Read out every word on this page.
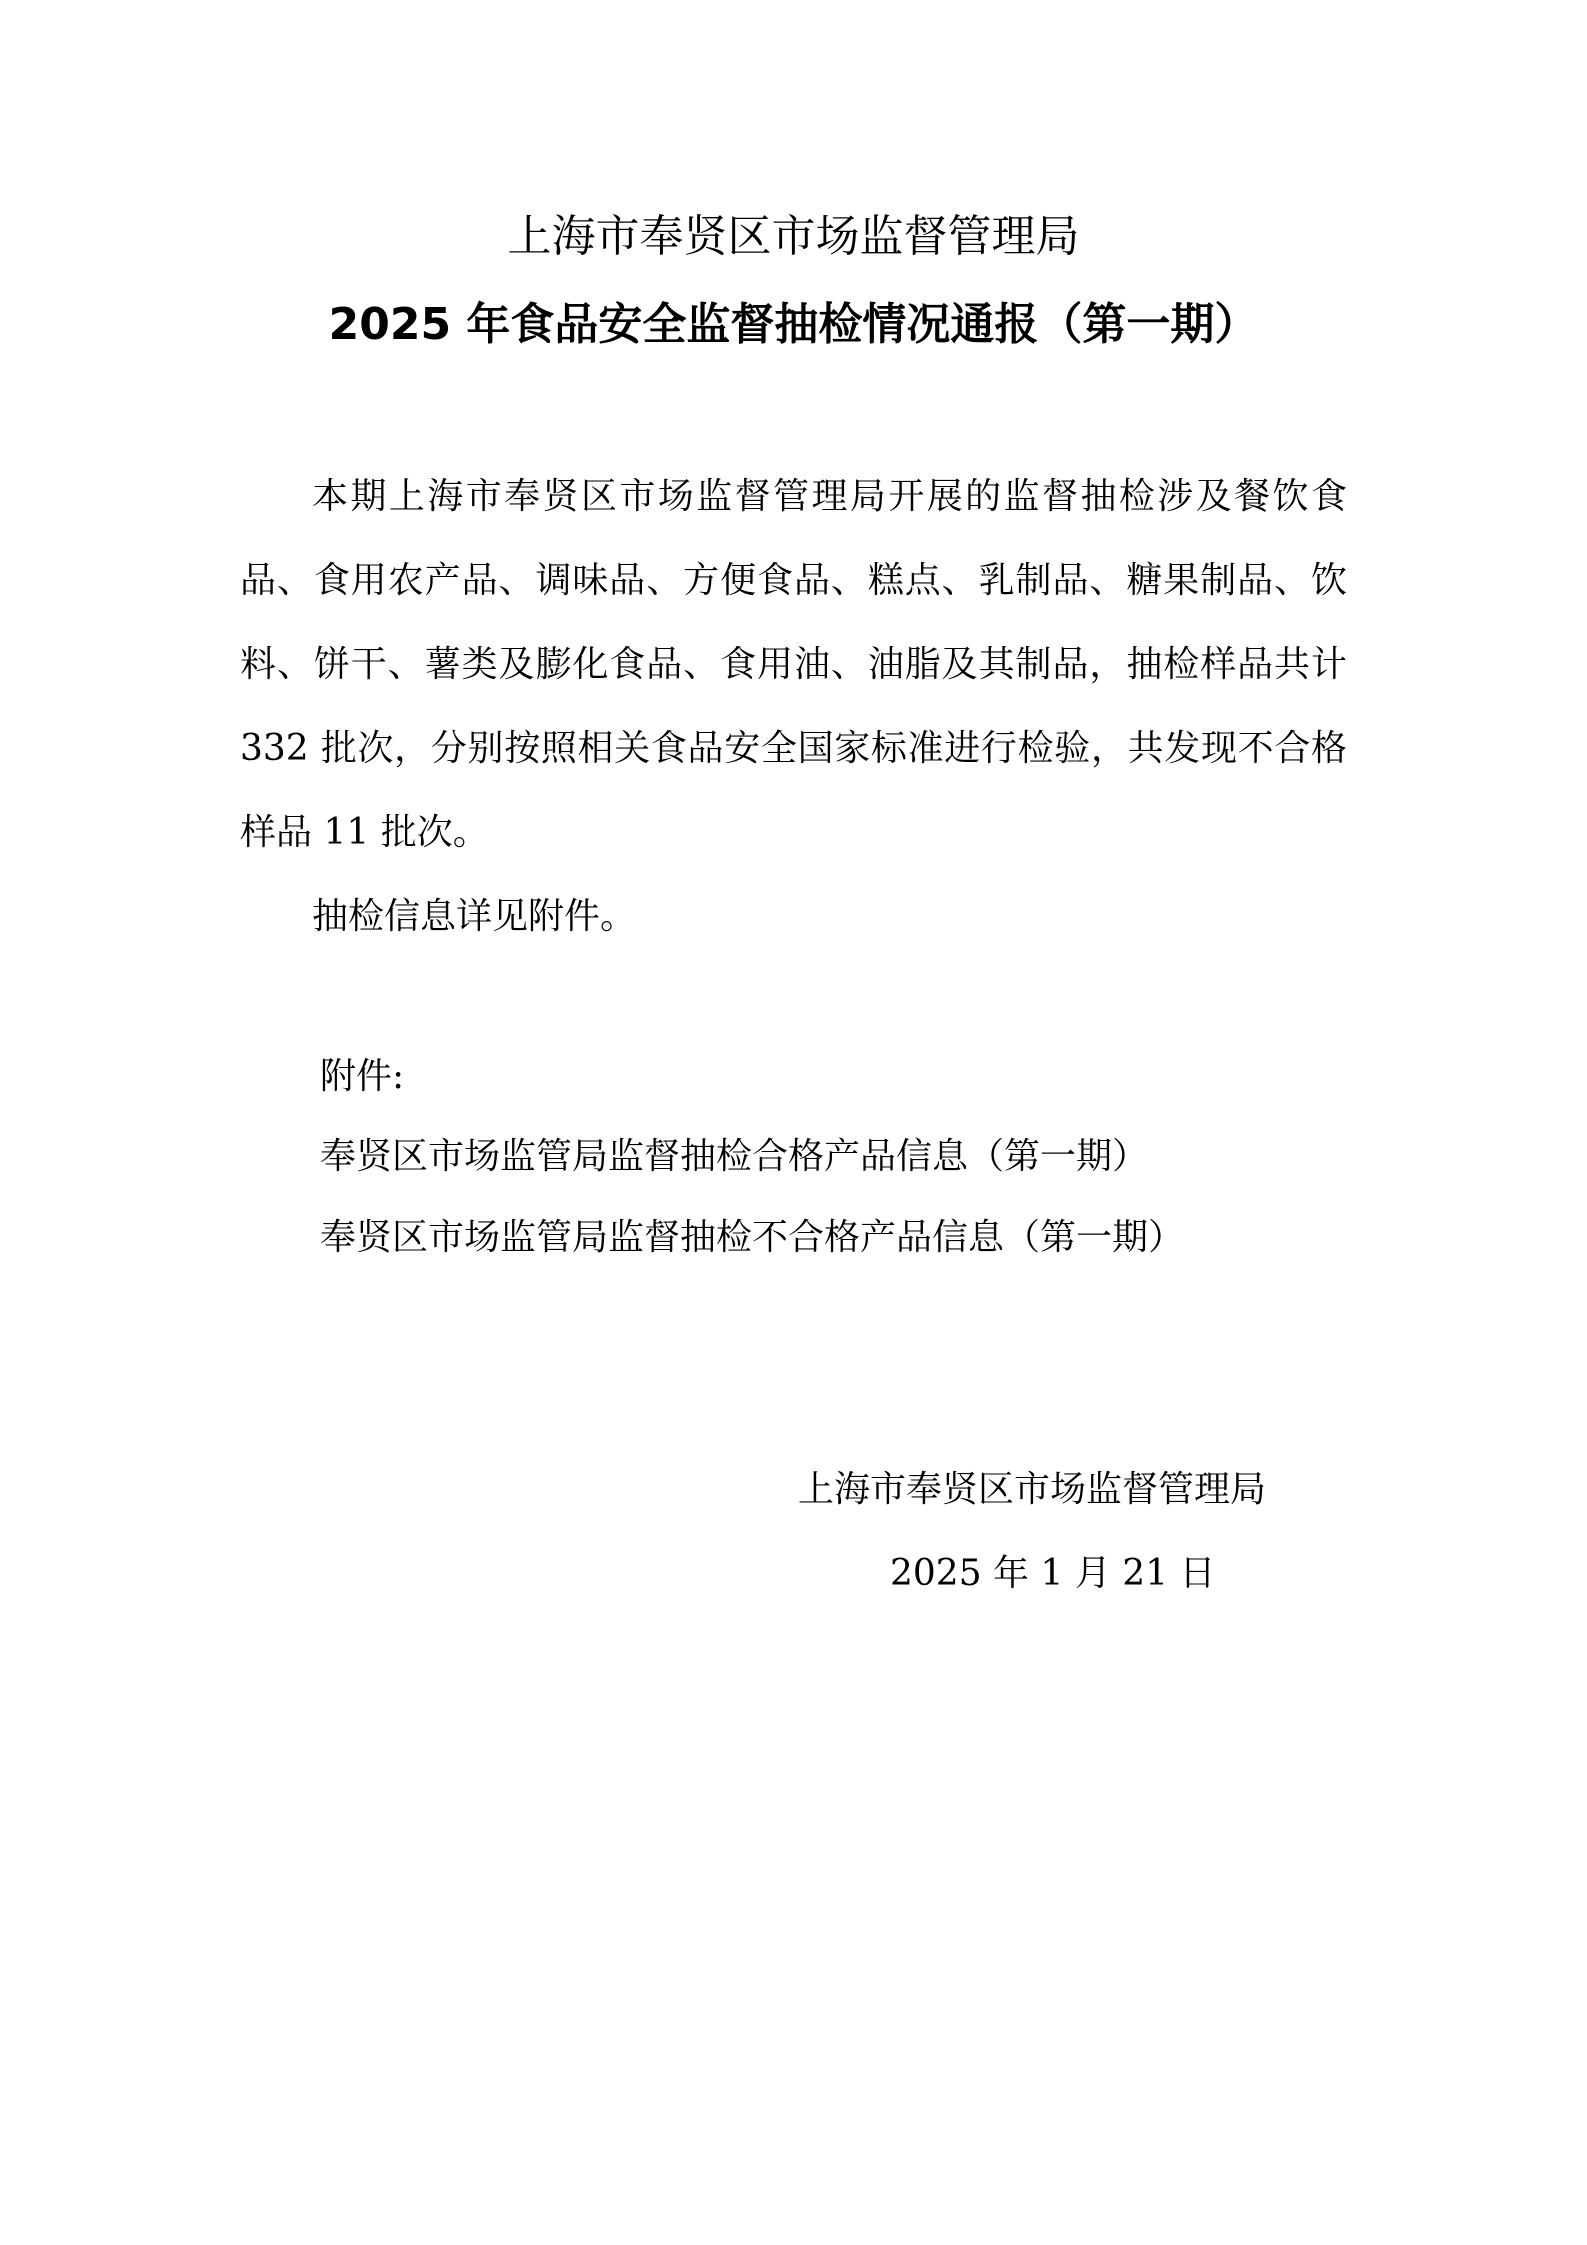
上海市奉贤区市场监督管理局
2025 年食品安全监督抽检情况通报（第一期）

本期上海市奉贤区市场监督管理局开展的监督抽检涉及餐饮食品、食用农产品、调味品、方便食品、糕点、乳制品、糖果制品、饮料、饼干、薯类及膨化食品、食用油、油脂及其制品，抽检样品共计 332 批次，分别按照相关食品安全国家标准进行检验，共发现不合格样品 11 批次。

抽检信息详见附件。

附件:
奉贤区市场监管局监督抽检合格产品信息（第一期）
奉贤区市场监管局监督抽检不合格产品信息（第一期）
上海市奉贤区市场监督管理局
2025 年 1 月 21 日
